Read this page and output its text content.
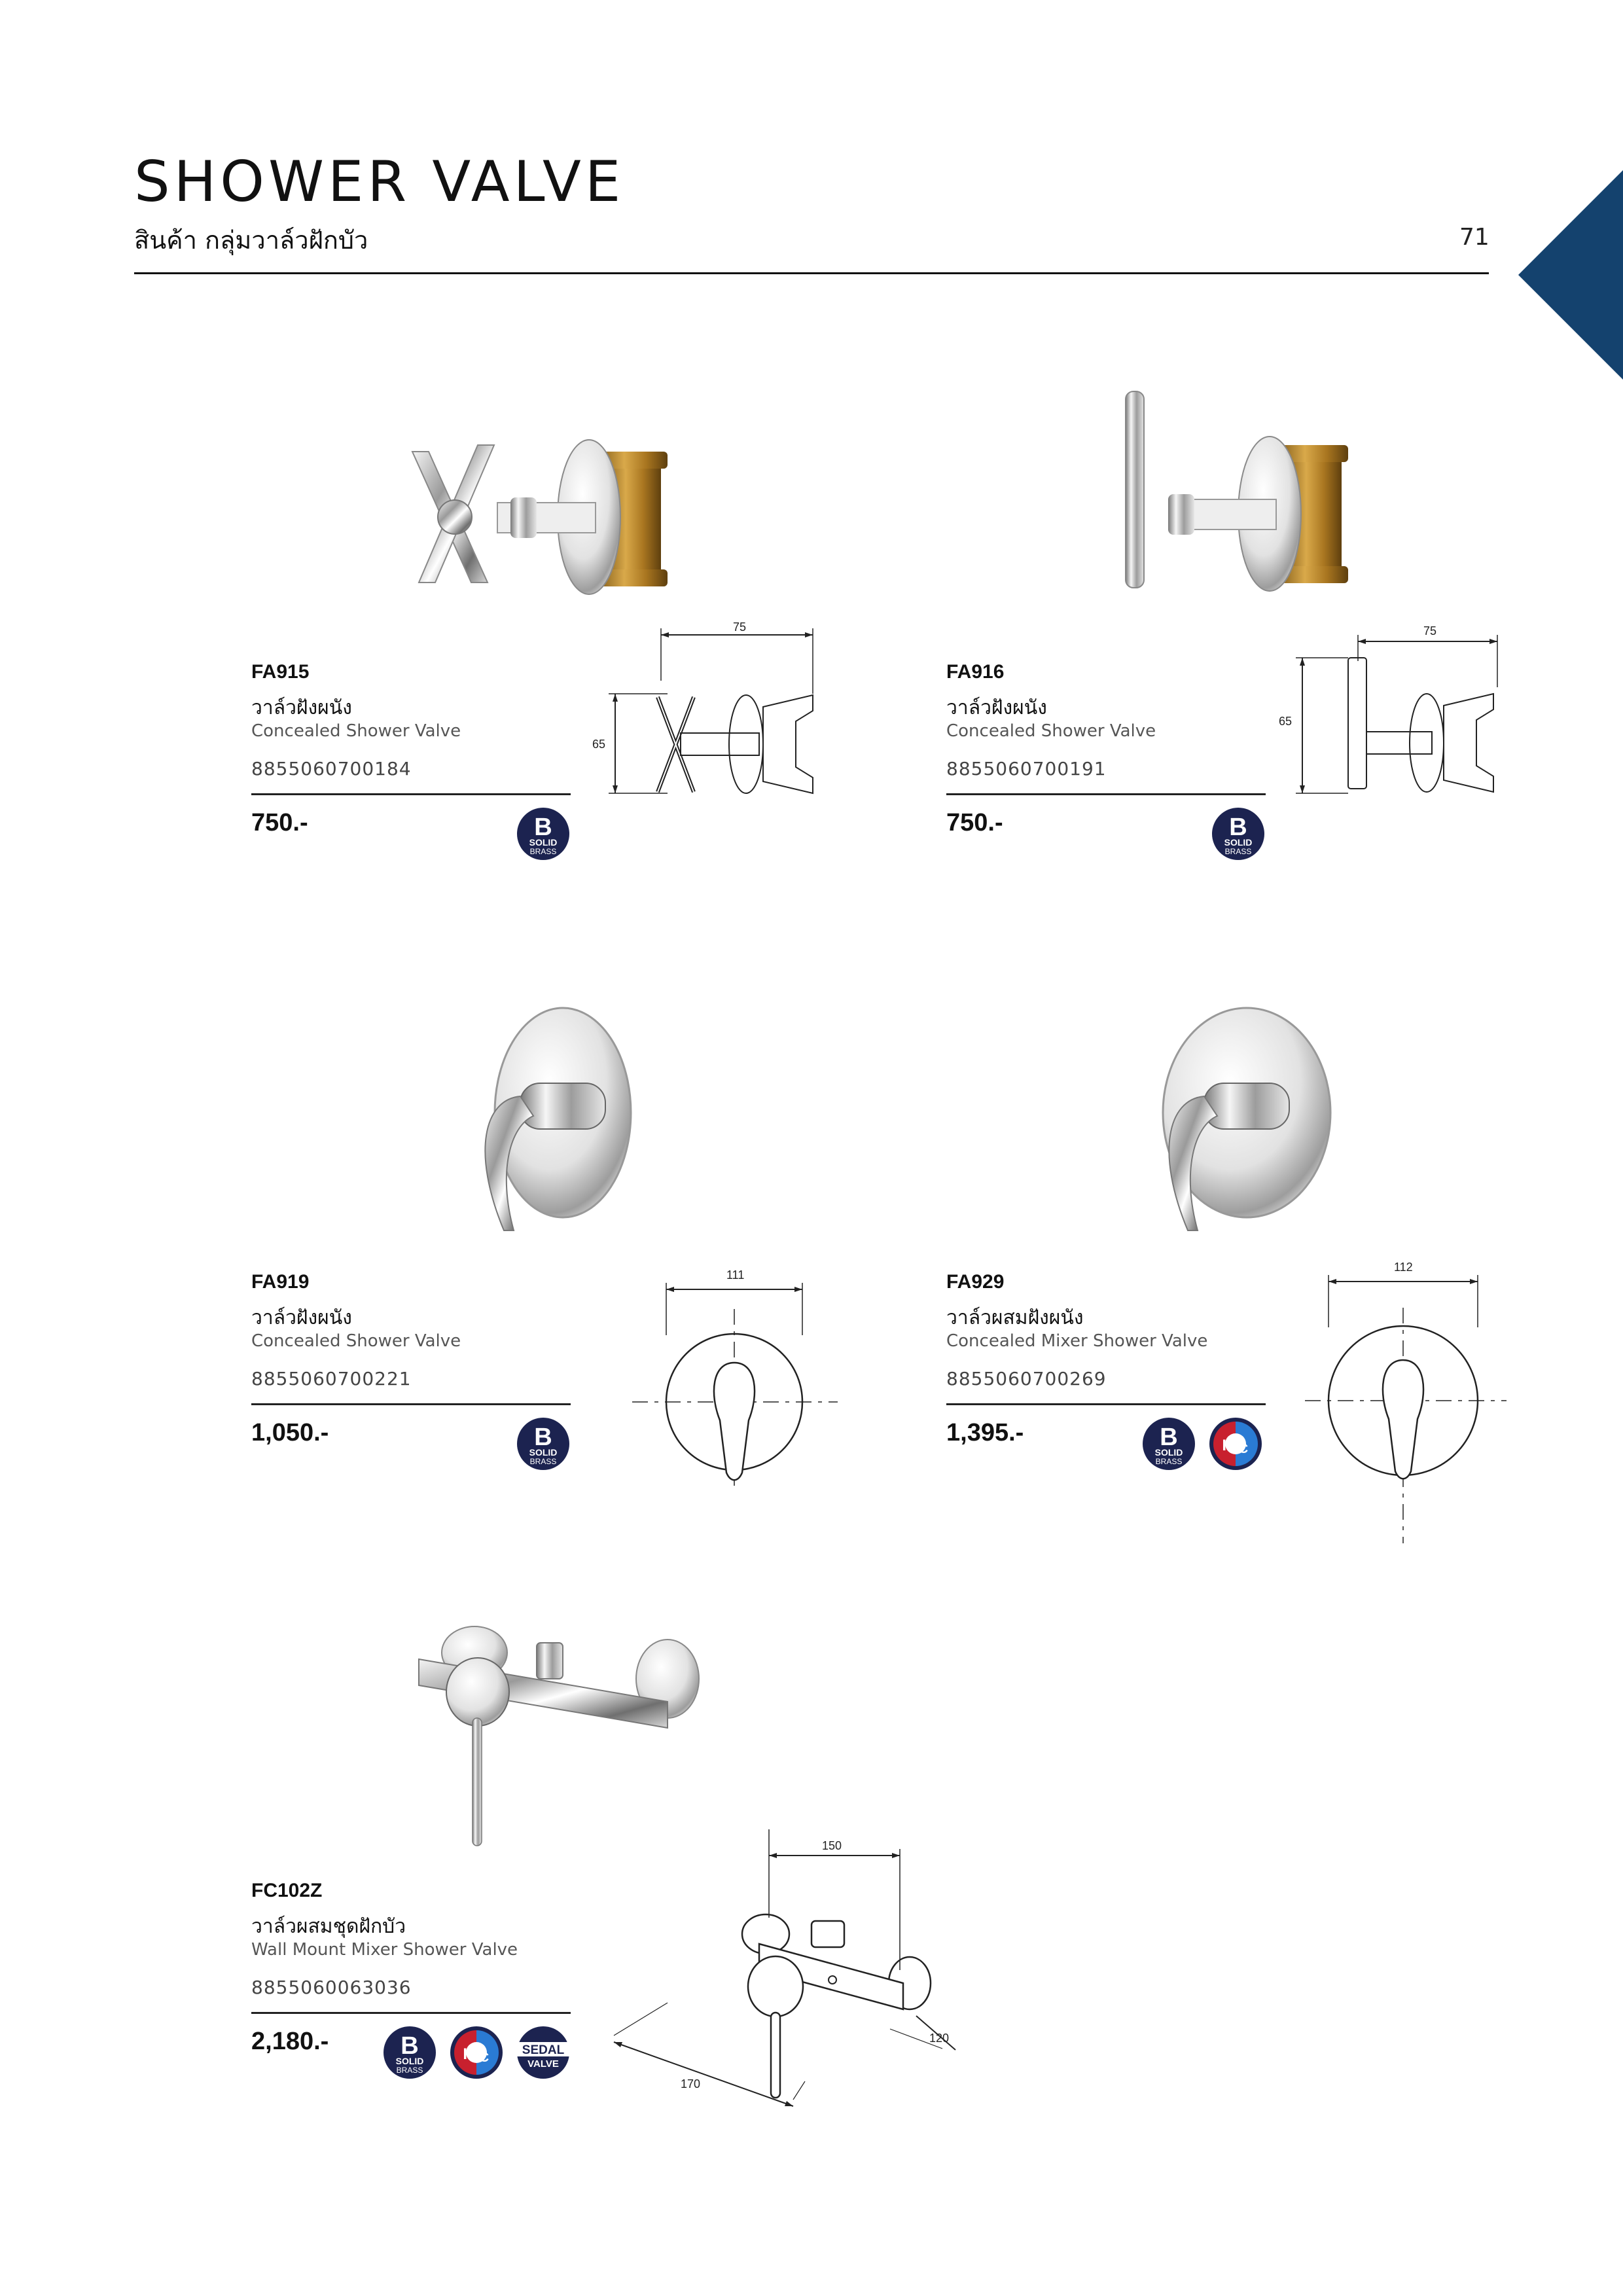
SHOWER VALVE
สินค้า กลุ่มวาล์วฝักบัว	71
75
65
FA915
วาล์วฝังผนัง
Concealed Shower Valve
8855060700184
750.-	B
SOLID
BRASS
75
65
FA916
วาล์วฝังผนัง
Concealed Shower Valve
8855060700191
750.-	B
SOLID
BRASS
111
FA919
วาล์วฝังผนัง
Concealed Shower Valve
8855060700221
1,050.-	B
SOLID
BRASS
112
FA929
วาล์วผสมฝังผนัง
Concealed Mixer Shower Valve
8855060700269
1,395.-	B
SOLID
BRASS
H C
150
120
170
FC102Z
วาล์วผสมชุดฝักบัว
Wall Mount Mixer Shower Valve
8855060063036
2,180.-	B
SOLID
BRASS
H C
SEDAL
VALVE
